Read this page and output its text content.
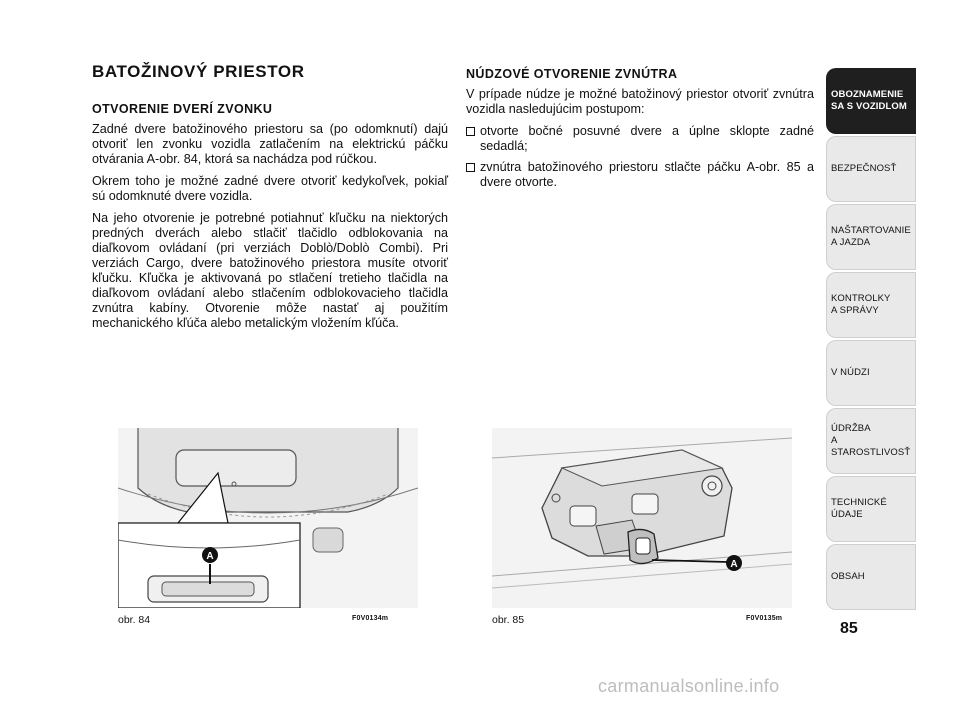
BATOŽINOVÝ PRIESTOR
OTVORENIE DVERÍ ZVONKU

Zadné dvere batožinového priestoru sa (po odomknutí) dajú otvoriť len zvonku vozidla zatlačením na elektrickú páčku otvárania A-obr. 84, ktorá sa nachádza pod rúčkou.

Okrem toho je možné zadné dvere otvoriť kedykoľvek, pokiaľ sú odomknuté dvere vozidla.

Na jeho otvorenie je potrebné potiahnuť kľučku na niektorých predných dverách alebo stlačiť tlačidlo odblokovania na diaľkovom ovládaní (pri verziách Doblò/Doblò Combi). Pri verziách Cargo, dvere batožinového priestora musíte otvoriť kľučku. Kľučka je aktivovaná po stlačení tretieho tlačidla na diaľkovom ovládaní alebo stlačením odblokovacieho tlačidla zvnútra kabíny. Otvorenie môže nastať aj použitím mechanického kľúča alebo metalickým vložením kľúča.

NÚDZOVÉ OTVORENIE ZVNÚTRA

V prípade núdze je možné batožinový priestor otvoriť zvnútra vozidla nasledujúcim postupom:

otvorte bočné posuvné dvere a úplne sklopte zadné sedadlá;
zvnútra batožinového priestoru stlačte páčku A-obr. 85 a dvere otvorte.
A
obr. 84	F0V0134m
A
obr. 85	F0V0135m
OBOZNAMENIE
SA S VOZIDLOM
BEZPEČNOSŤ
NAŠTARTOVANIE
A JAZDA
KONTROLKY
A SPRÁVY
V NÚDZI
ÚDRŽBA
A STAROSTLIVOSŤ
TECHNICKÉ
ÚDAJE
OBSAH
85
carmanualsonline.info
